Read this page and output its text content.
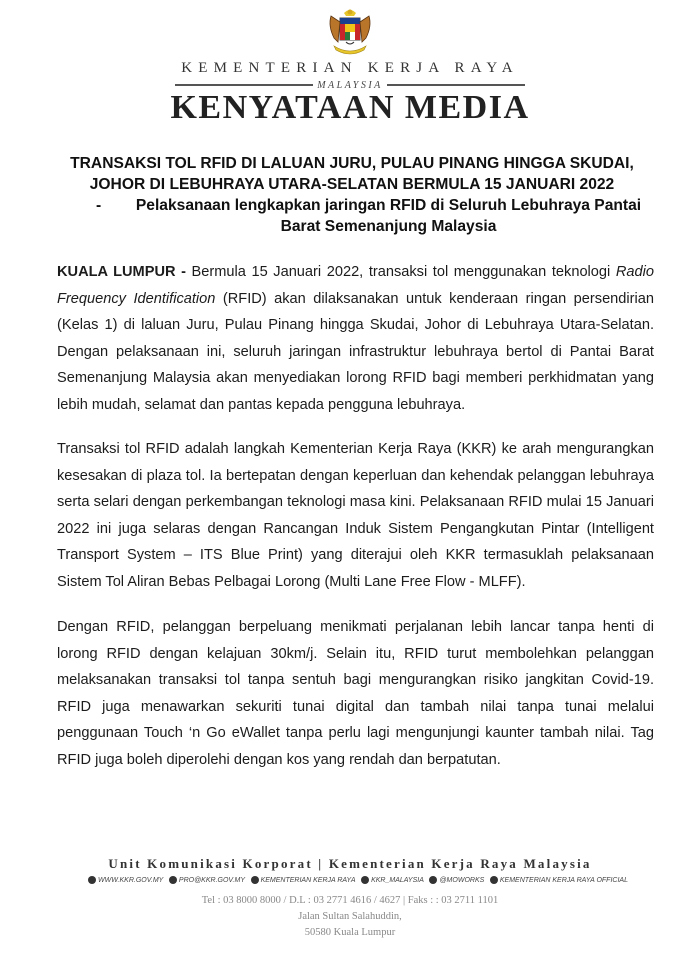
KEMENTERIAN KERJA RAYA
MALAYSIA
KENYATAAN MEDIA
TRANSAKSI TOL RFID DI LALUAN JURU, PULAU PINANG HINGGA SKUDAI, JOHOR DI LEBUHRAYA UTARA-SELATAN BERMULA 15 JANUARI 2022
-	Pelaksanaan lengkapkan jaringan RFID di Seluruh Lebuhraya Pantai Barat Semenanjung Malaysia
KUALA LUMPUR - Bermula 15 Januari 2022, transaksi tol menggunakan teknologi Radio Frequency Identification (RFID) akan dilaksanakan untuk kenderaan ringan persendirian (Kelas 1) di laluan Juru, Pulau Pinang hingga Skudai, Johor di Lebuhraya Utara-Selatan. Dengan pelaksanaan ini, seluruh jaringan infrastruktur lebuhraya bertol di Pantai Barat Semenanjung Malaysia akan menyediakan lorong RFID bagi memberi perkhidmatan yang lebih mudah, selamat dan pantas kepada pengguna lebuhraya.
Transaksi tol RFID adalah langkah Kementerian Kerja Raya (KKR) ke arah mengurangkan kesesakan di plaza tol. Ia bertepatan dengan keperluan dan kehendak pelanggan lebuhraya serta selari dengan perkembangan teknologi masa kini. Pelaksanaan RFID mulai 15 Januari 2022 ini juga selaras dengan Rancangan Induk Sistem Pengangkutan Pintar (Intelligent Transport System – ITS Blue Print) yang diterajui oleh KKR termasuklah pelaksanaan Sistem Tol Aliran Bebas Pelbagai Lorong (Multi Lane Free Flow - MLFF).
Dengan RFID, pelanggan berpeluang menikmati perjalanan lebih lancar tanpa henti di lorong RFID dengan kelajuan 30km/j. Selain itu, RFID turut membolehkan pelanggan melaksanakan transaksi tol tanpa sentuh bagi mengurangkan risiko jangkitan Covid-19. RFID juga menawarkan sekuriti tunai digital dan tambah nilai tanpa tunai melalui penggunaan Touch ‘n Go eWallet tanpa perlu lagi mengunjungi kaunter tambah nilai. Tag RFID juga boleh diperolehi dengan kos yang rendah dan berpatutan.
Unit Komunikasi Korporat | Kementerian Kerja Raya Malaysia
WWW.KKR.GOV.MY PRO@KKR.GOV.MY KEMENTERIAN KERJA RAYA KKR_MALAYSIA @MOWORKS KEMENTERIAN KERJA RAYA OFFICIAL
Tel : 03 8000 8000 / D.L : 03 2771 4616 / 4627 | Faks : : 03 2711 1101
Jalan Sultan Salahuddin,
50580 Kuala Lumpur
